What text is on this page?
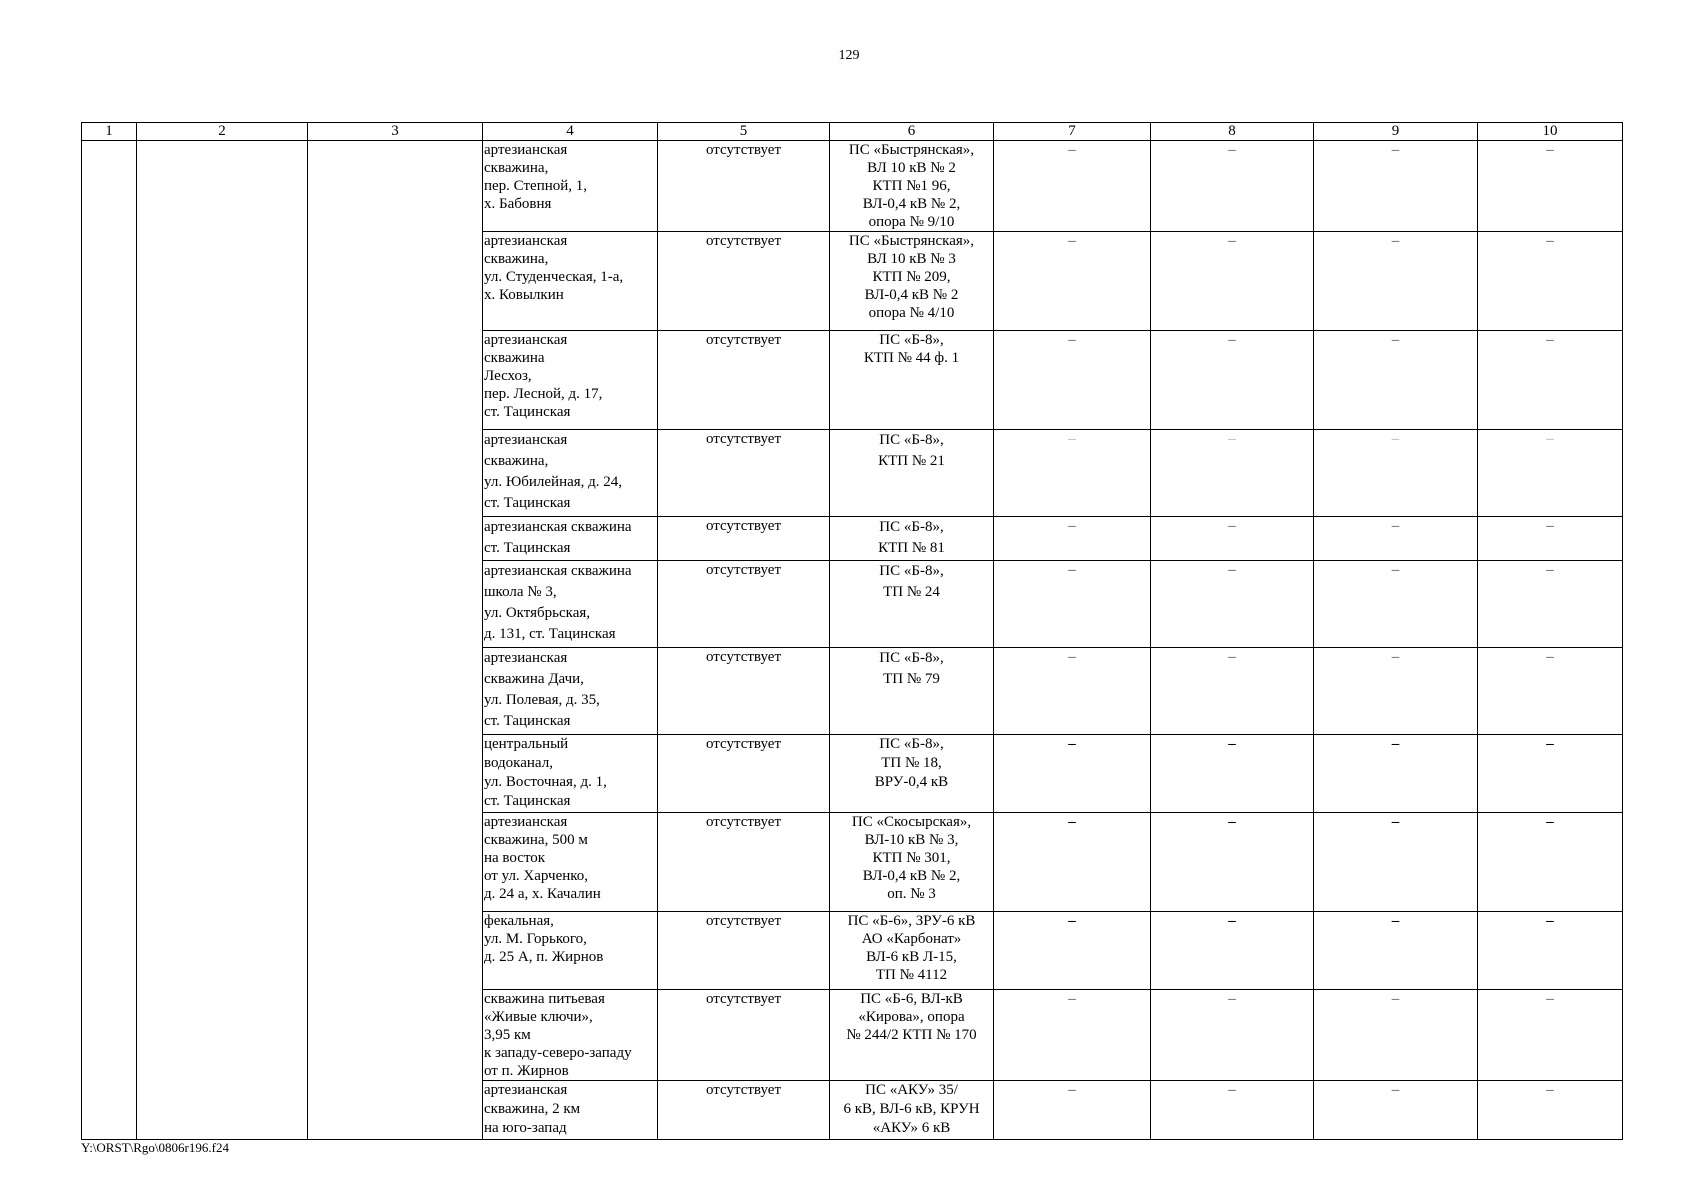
129
1	2	3	4	5	6	7	8	9	10
			артезианская
скважина,
пер. Степной, 1,
х. Бабовня	отсутствует	ПС «Быстрянская»,
ВЛ 10 кВ № 2
КТП №1 96,
ВЛ-0,4 кВ № 2,
опора № 9/10	–	–	–	–
			артезианская
скважина,
ул. Студенческая, 1-а,
х. Ковылкин	отсутствует	ПС «Быстрянская»,
ВЛ 10 кВ № 3
КТП № 209,
ВЛ-0,4 кВ № 2
опора № 4/10	–	–	–	–
			артезианская
скважина
Лесхоз,
пер. Лесной, д. 17,
ст. Тацинская	отсутствует	ПС «Б-8»,
КТП № 44 ф. 1	–	–	–	–
			артезианская
скважина,
ул. Юбилейная, д. 24,
ст. Тацинская	отсутствует	ПС «Б-8»,
КТП № 21	–	–	–	–
			артезианская скважина
ст. Тацинская	отсутствует	ПС «Б-8»,
КТП № 81	–	–	–	–
			артезианская скважина
школа № 3,
ул. Октябрьская,
д. 131, ст. Тацинская	отсутствует	ПС «Б-8»,
ТП № 24	–	–	–	–
			артезианская
скважина Дачи,
ул. Полевая, д. 35,
ст. Тацинская	отсутствует	ПС «Б-8»,
ТП № 79	–	–	–	–
			центральный
водоканал,
ул. Восточная, д. 1,
ст. Тацинская	отсутствует	ПС «Б-8»,
ТП № 18,
ВРУ-0,4 кВ	–	–	–	–
			артезианская
скважина, 500 м
на восток
от ул. Харченко,
д. 24 а, х. Качалин	отсутствует	ПС «Скосырская»,
ВЛ-10 кВ № 3,
КТП № 301,
ВЛ-0,4 кВ № 2,
оп. № 3	–	–	–	–
			фекальная,
ул. М. Горького,
д. 25 А, п. Жирнов	отсутствует	ПС «Б-6», ЗРУ-6 кВ
АО «Карбонат»
ВЛ-6 кВ Л-15,
ТП № 4112	–	–	–	–
			скважина питьевая
«Живые ключи»,
3,95 км
к западу-северо-западу
от п. Жирнов	отсутствует	ПС «Б-6, ВЛ-кВ
«Кирова», опора
№ 244/2 КТП № 170	–	–	–	–
			артезианская
скважина, 2 км
на юго-запад	отсутствует	ПС «АКУ» 35/
6 кВ, ВЛ-6 кВ, КРУН
«АКУ» 6 кВ	–	–	–	–
Y:\ORST\Rgo\0806r196.f24
